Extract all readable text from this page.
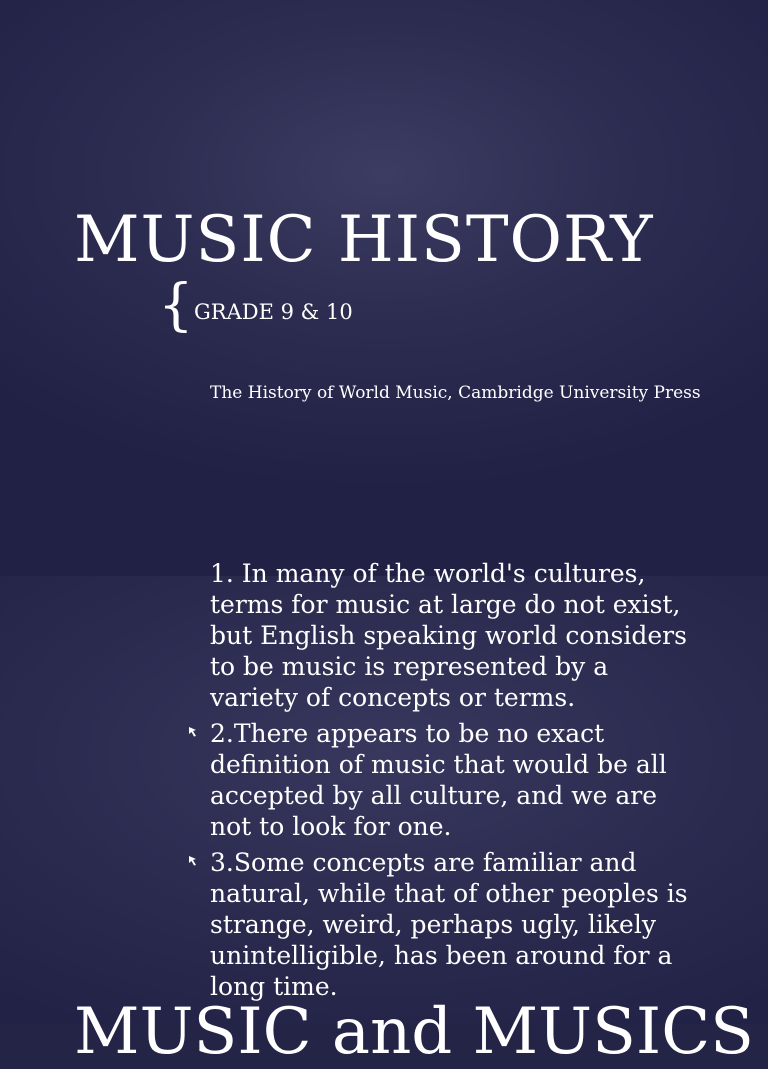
MUSIC HISTORY
{ GRADE 9 & 10
The History of World Music, Cambridge University Press
1. In many of the world's cultures, terms for music at large do not exist, but English speaking world considers to be music is represented by a variety of concepts or terms.
2.There appears to be no exact definition of music that would be all accepted by all culture, and we are not to look for one.
3.Some concepts are familiar and natural, while that of other peoples is strange, weird, perhaps ugly, likely unintelligible, has been around for a long time.
MUSIC and MUSICS
